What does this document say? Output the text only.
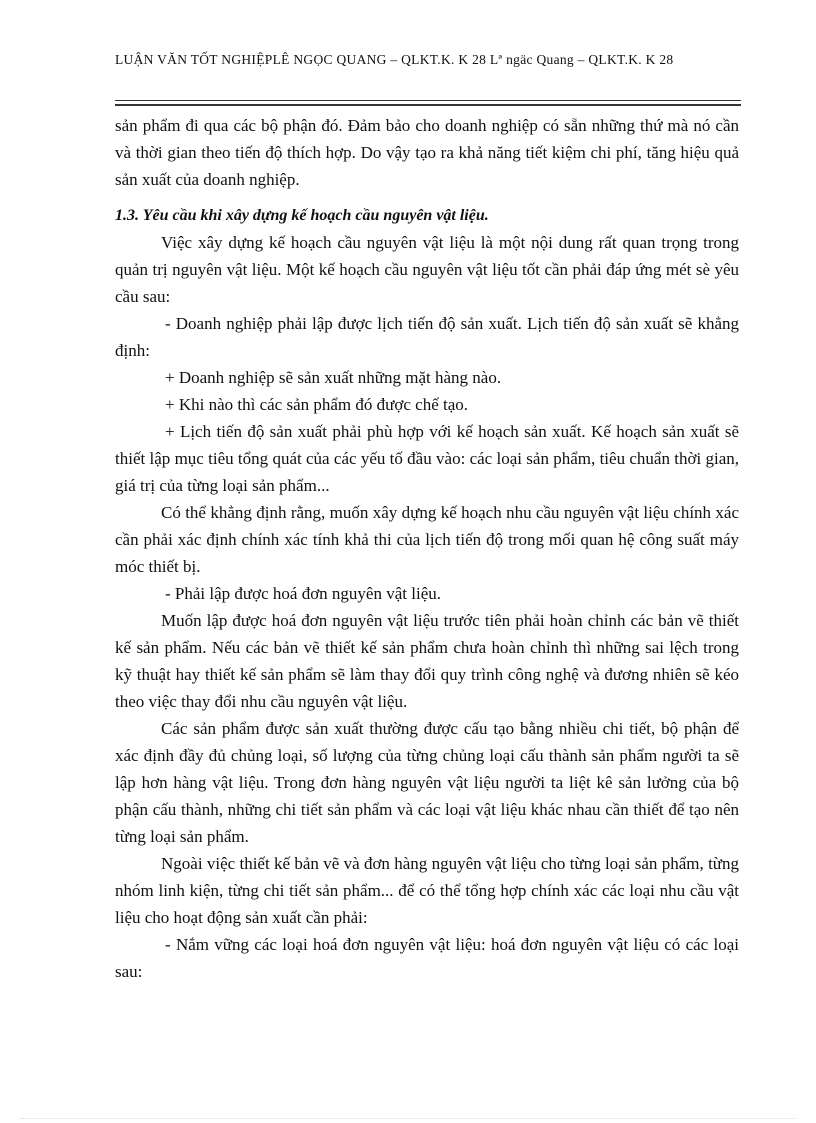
LUẬN VĂN TỐT NGHIỆPLÊ NGỌC QUANG – QLKT.K. K 28 Lª ngäc Quang – QLKT.K. K 28

sản phẩm đi qua các bộ phận đó. Đảm bảo cho doanh nghiệp có sẵn những thứ mà nó cần và thời gian theo tiến độ thích hợp. Do vậy tạo ra khả năng tiết kiệm chi phí, tăng hiệu quả sản xuất của doanh nghiệp.

1.3. Yêu cầu khi xây dựng kế hoạch cầu nguyên vật liệu.

Việc xây dựng kế hoạch cầu nguyên vật liệu là một nội dung rất quan trọng trong quản trị nguyên vật liệu. Một kế hoạch cầu nguyên vật liệu tốt cần phải đáp ứng mét sè yêu cầu sau:

- Doanh nghiệp phải lập được lịch tiến độ sản xuất. Lịch tiến độ sản xuất sẽ khẳng định:

+ Doanh nghiệp sẽ sản xuất những mặt hàng nào.

+ Khi nào thì các sản phẩm đó được chế tạo.

+ Lịch tiến độ sản xuất phải phù hợp với kế hoạch sản xuất. Kế hoạch sản xuất sẽ thiết lập mục tiêu tổng quát của các yếu tố đầu vào: các loại sản phẩm, tiêu chuẩn thời gian, giá trị của từng loại sản phẩm...

Có thể khẳng định rằng, muốn xây dựng kế hoạch nhu cầu nguyên vật liệu chính xác cần phải xác định chính xác tính khả thi của lịch tiến độ trong mối quan hệ công suất máy móc thiết bị.

- Phải lập được hoá đơn nguyên vật liệu.

Muốn lập được hoá đơn nguyên vật liệu trước tiên phải hoàn chỉnh các bản vẽ thiết kế sản phẩm. Nếu các bản vẽ thiết kế sản phẩm chưa hoàn chỉnh thì những sai lệch trong kỹ thuật hay thiết kế sản phẩm sẽ làm thay đổi quy trình công nghệ và đương nhiên sẽ kéo theo việc thay đổi nhu cầu nguyên vật liệu.

Các sản phẩm được sản xuất thường được cấu tạo bằng nhiều chi tiết, bộ phận để xác định đầy đủ chủng loại, số lượng của từng chủng loại cấu thành sản phẩm người ta sẽ lập hơn hàng vật liệu. Trong đơn hàng nguyên vật liệu người ta liệt kê sản lưởng của bộ phận cấu thành, những chi tiết sản phẩm và các loại vật liệu khác nhau cần thiết để tạo nên từng loại sản phẩm.

Ngoài việc thiết kế bản vẽ và đơn hàng nguyên vật liệu cho từng loại sản phẩm, từng nhóm linh kiện, từng chi tiết sản phẩm... để có thể tổng hợp chính xác các loại nhu cầu vật liệu cho hoạt động sản xuất cần phải:

- Nắm vững các loại hoá đơn nguyên vật liệu: hoá đơn nguyên vật liệu có các loại sau:
